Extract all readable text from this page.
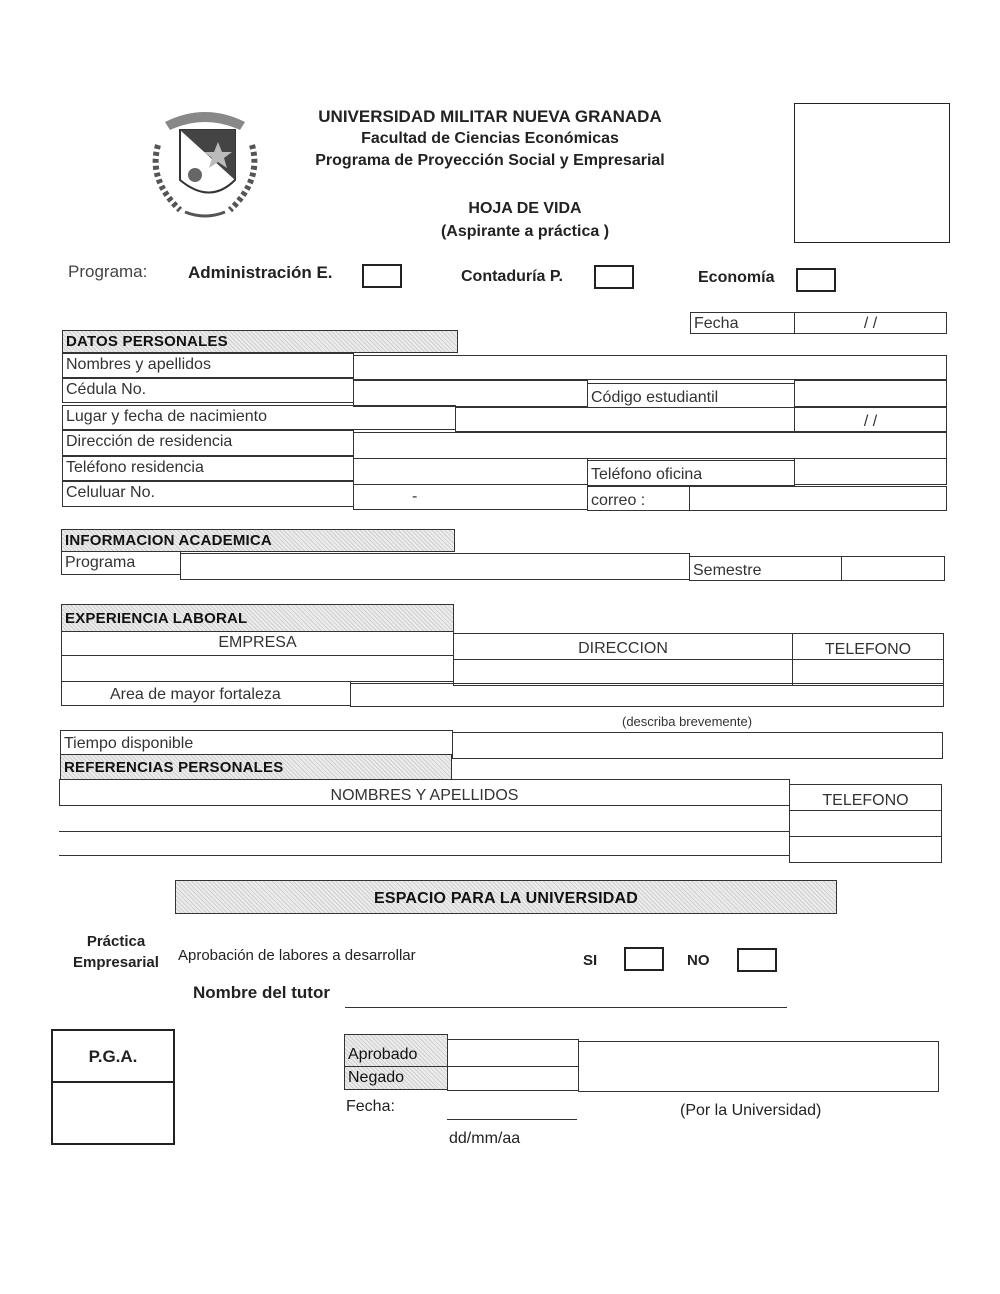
UNIVERSIDAD MILITAR NUEVA GRANADA
Facultad de Ciencias Económicas
Programa de Proyección Social y Empresarial
HOJA DE VIDA
(Aspirante a práctica )
Programa: Administración E.	Contaduría P.	Economía
Fecha	/ /
DATOS PERSONALES
Nombres y apellidos
Cédula No.	Código estudiantil
Lugar y fecha de nacimiento	/ /
Dirección de residencia
Teléfono residencia	Teléfono oficina
Celuluar No.	-	correo :
INFORMACION ACADEMICA
Programa	Semestre
EXPERIENCIA LABORAL
EMPRESA	DIRECCION	TELEFONO
Area de mayor fortaleza
(describa brevemente)
Tiempo disponible
REFERENCIAS PERSONALES
NOMBRES Y APELLIDOS	TELEFONO
ESPACIO PARA LA UNIVERSIDAD
Práctica
Empresarial	Aprobación de labores a desarrollar	SI	NO
Nombre del tutor
P.G.A.	Aprobado
Negado
Fecha:
dd/mm/aa
(Por la Universidad)
